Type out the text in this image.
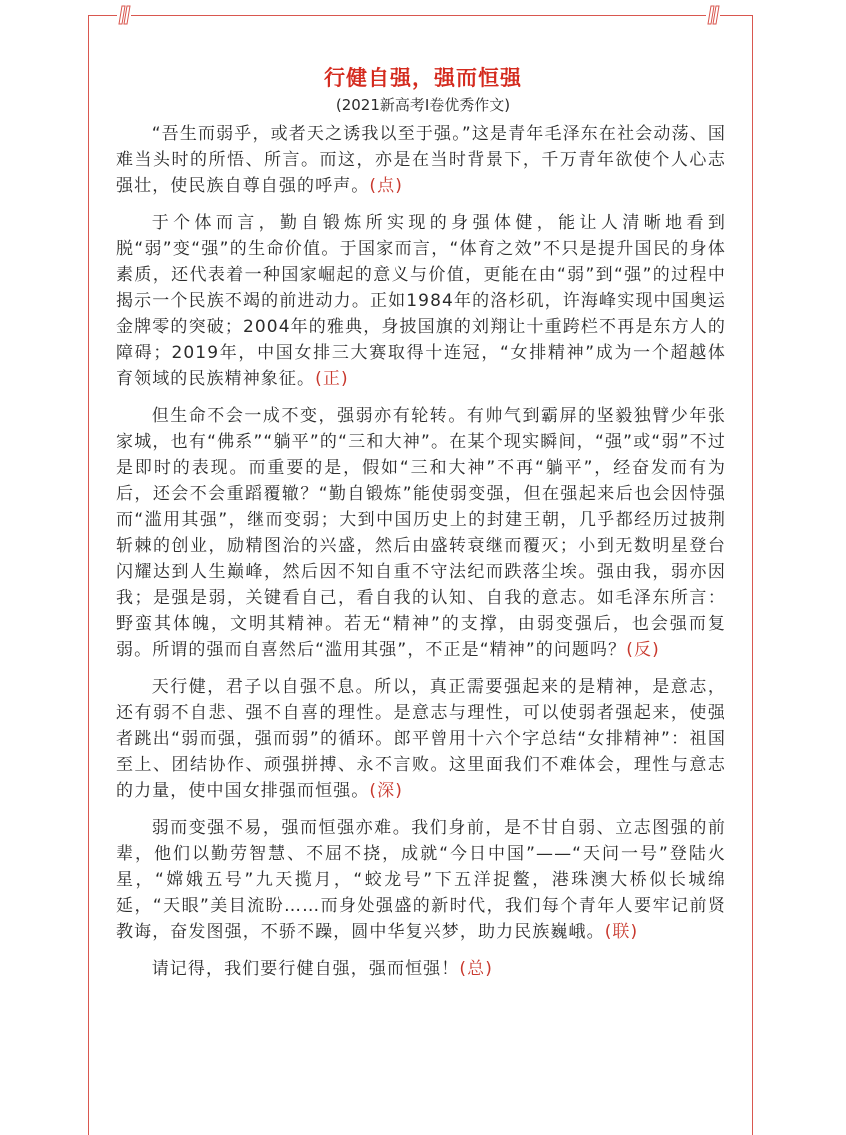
行健自强，强而恒强
(2021新高考I卷优秀作文)

“吾生而弱乎，或者天之诱我以至于强。”这是青年毛泽东在社会动荡、国难当头时的所悟、所言。而这，亦是在当时背景下，千万青年欲使个人心志强壮，使民族自尊自强的呼声。(点)

于个体而言，勤自锻炼所实现的身强体健，能让人清晰地看到脱“弱”变“强”的生命价值。于国家而言，“体育之效”不只是提升国民的身体素质，还代表着一种国家崛起的意义与价值，更能在由“弱”到“强”的过程中揭示一个民族不竭的前进动力。正如1984年的洛杉矶，许海峰实现中国奥运金牌零的突破；2004年的雅典，身披国旗的刘翔让十重跨栏不再是东方人的障碍；2019年，中国女排三大赛取得十连冠，“女排精神”成为一个超越体育领域的民族精神象征。(正)

但生命不会一成不变，强弱亦有轮转。有帅气到霸屏的坚毅独臂少年张家城，也有“佛系”“躺平”的“三和大神”。在某个现实瞬间，“强”或“弱”不过是即时的表现。而重要的是，假如“三和大神”不再“躺平”，经奋发而有为后，还会不会重蹈覆辙？“勤自锻炼”能使弱变强，但在强起来后也会因恃强而“滥用其强”，继而变弱；大到中国历史上的封建王朝，几乎都经历过披荆斩棘的创业，励精图治的兴盛，然后由盛转衰继而覆灭；小到无数明星登台闪耀达到人生巅峰，然后因不知自重不守法纪而跌落尘埃。强由我，弱亦因我；是强是弱，关键看自己，看自我的认知、自我的意志。如毛泽东所言：野蛮其体魄，文明其精神。若无“精神”的支撑，由弱变强后，也会强而复弱。所谓的强而自喜然后“滥用其强”，不正是“精神”的问题吗？(反)

天行健，君子以自强不息。所以，真正需要强起来的是精神，是意志，还有弱不自悲、强不自喜的理性。是意志与理性，可以使弱者强起来，使强者跳出“弱而强，强而弱”的循环。郎平曾用十六个字总结“女排精神”：祖国至上、团结协作、顽强拼搏、永不言败。这里面我们不难体会，理性与意志的力量，使中国女排强而恒强。(深)

弱而变强不易，强而恒强亦难。我们身前，是不甘自弱、立志图强的前辈，他们以勤劳智慧、不屈不挠，成就“今日中国”——“天问一号”登陆火星，“嫦娥五号”九天揽月，“蛟龙号”下五洋捉鳖，港珠澳大桥似长城绵延，“天眼”美目流盼……而身处强盛的新时代，我们每个青年人要牢记前贤教诲，奋发图强，不骄不躁，圆中华复兴梦，助力民族巍峨。(联)

请记得，我们要行健自强，强而恒强！(总)
